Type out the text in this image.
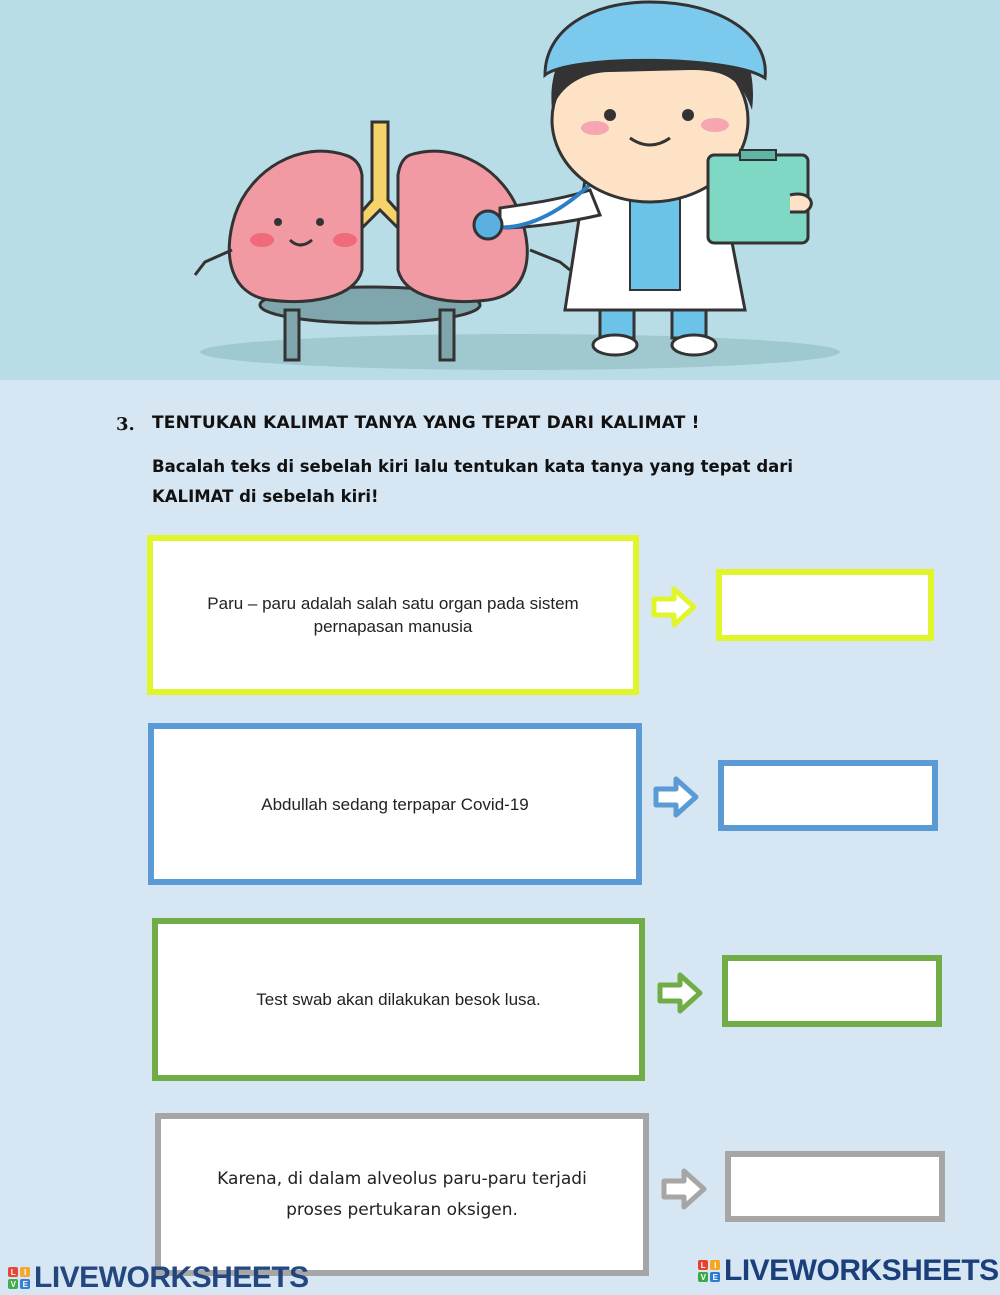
3. TENTUKAN KALIMAT TANYA YANG TEPAT DARI KALIMAT !
Bacalah teks di sebelah kiri lalu tentukan kata tanya yang tepat dari KALIMAT di sebelah kiri!
Paru – paru adalah salah satu organ pada sistem pernapasan manusia
Abdullah sedang terpapar Covid-19
Test swab akan dilakukan besok lusa.
Karena, di dalam alveolus paru-paru terjadi proses pertukaran oksigen.
L	I
V E LIVEWORKSHEETS	L	I
V E LIVEWORKSHEETS
